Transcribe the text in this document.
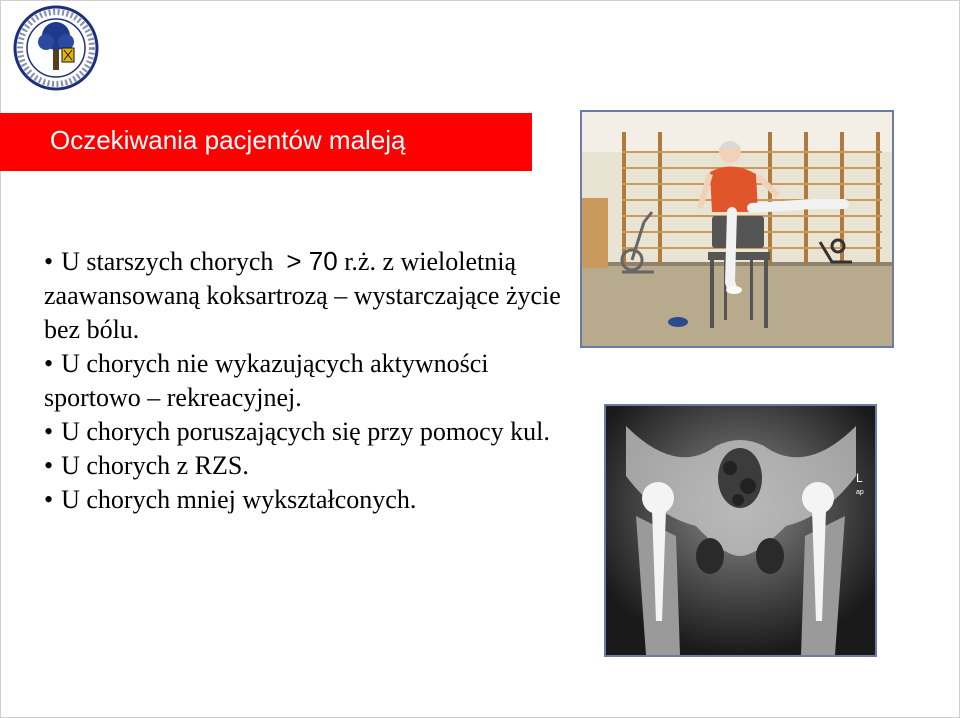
Oczekiwania pacjentów maleją
• U starszych chorych  > 70 r.ż. z wieloletnią zaawansowaną koksartrozą – wystarczające życie bez bólu.
• U chorych nie wykazujących aktywności sportowo – rekreacyjnej.
• U chorych poruszających się przy pomocy kul.
• U chorych z RZS.
• U chorych mniej wykształconych.
L
ap
